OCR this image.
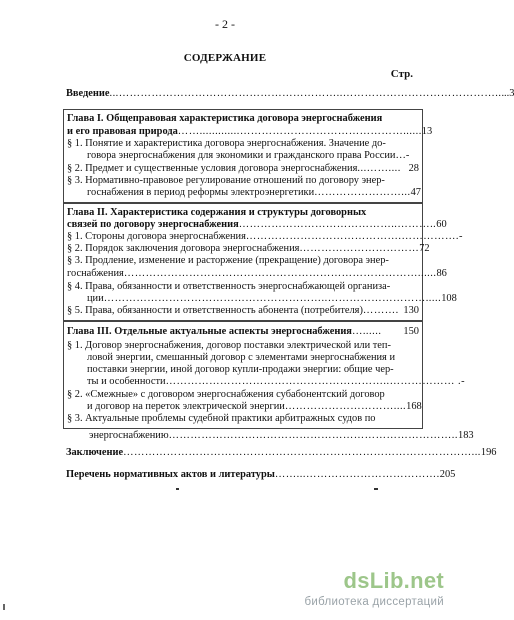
- 2 -
СОДЕРЖАНИЕ
Стр.
Введение ...……………………………………………………..…………………………………….. ...3
Глава I. Общеправовая характеристика договора энергоснабжения
и его правовая природа …….............………………………………………...... 13
§ 1. Понятие и характеристика договора энергоснабжения. Значение до-
говора энергоснабжения для экономики и гражданского права России …-
§ 2. Предмет и существенные условия договора энергоснабжения ...…….... 28
§ 3. Нормативно-правовое регулирование отношений по договору энер-
госнабжения в период реформы электроэнергетики ……………………... 47
Глава II. Характеристика содержания и структуры договорных
связей по договору энергоснабжения ……………………………………..……….. 60
§ 1. Стороны договора энергоснабжения …………………………………….……………. -
§ 2. Порядок заключения договора энергоснабжения …………………………… 72
§ 3. Продление, изменение и расторжение (прекращение) договора энер-
госнабжения ………………………………………………………………………...... 86
§ 4. Права, обязанности и ответственность энергоснабжающей организа-
ции ……………………………………………………..………………………..... 108
§ 5. Права, обязанности и ответственность абонента (потребителя) ………. 130
Глава III. Отдельные актуальные аспекты энергоснабжения …......	150
§ 1. Договор энергоснабжения, договор поставки электрической или теп-
ловой энергии, смешанный договор с элементами энергоснабжения и
поставки энергии, иной договор купли-продажи энергии: общие чер-
ты и особенности ……………………………………………………..……………… . -
§ 2. «Смежные» с договором энергоснабжения субабонентский договор
и договор на переток электрической энергии ………………………….... 168
§ 3. Актуальные проблемы судебной практики арбитражных судов по
энергоснабжению …………………………………………………………………….. 183
Заключение ……………………………………………………………………………………... 196
Перечень нормативных актов и литературы ……...………………………………. 205
dsLib.net
библиотека диссертаций
